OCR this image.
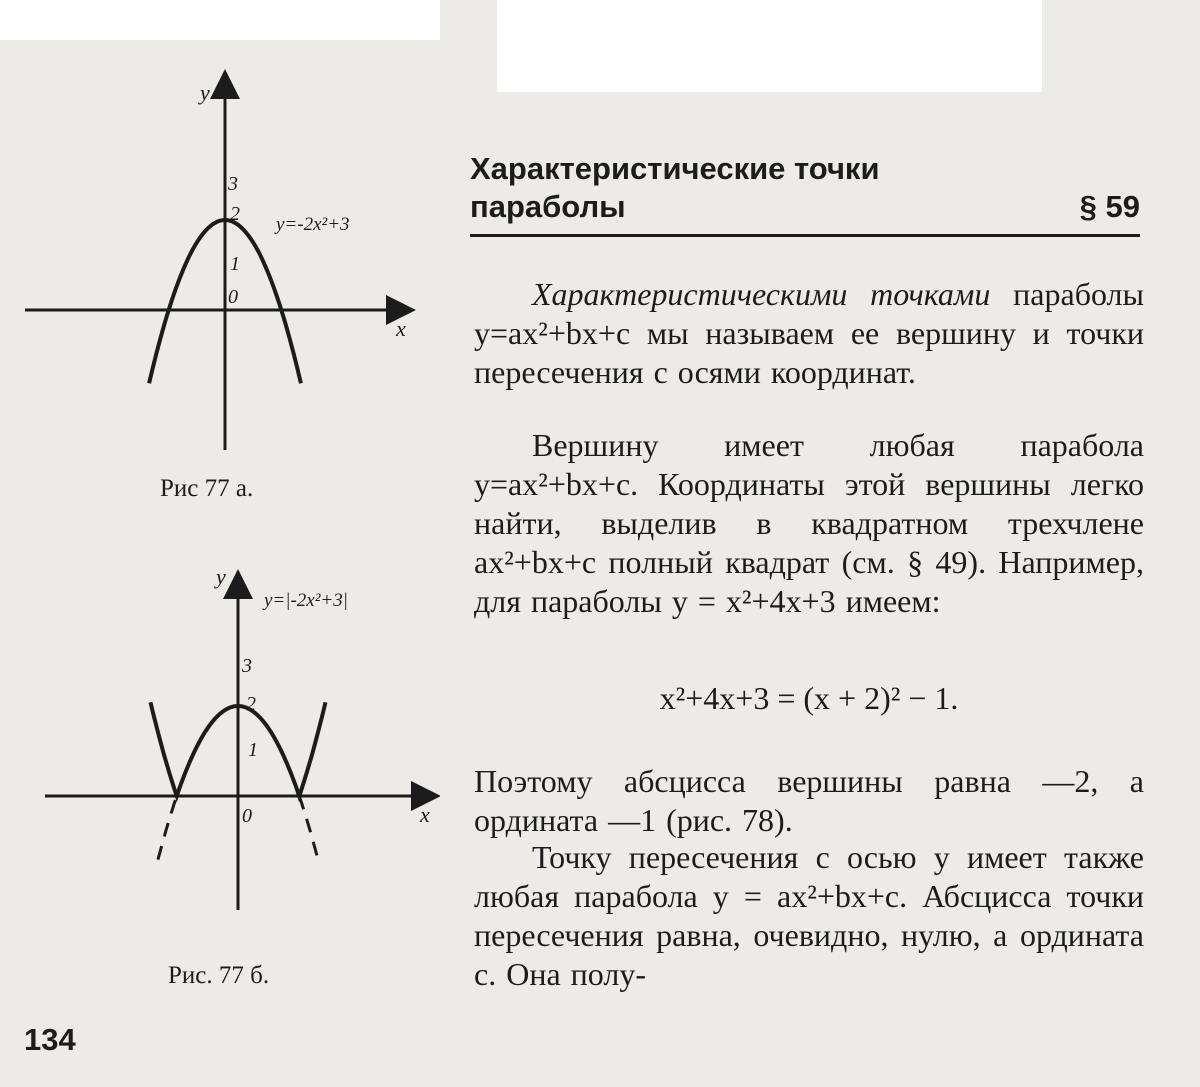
y
x
0
1
2
3
y=-2x²+3
Рис 77 а.
y
x
0
1
2
3
y=|-2x²+3|
Рис. 77 б.
Характеристические точки
параболы	§ 59
Характеристическими точками параболы y=ax²+bx+c мы называем ее вершину и точки пересечения с осями координат.
Вершину имеет любая парабола y=ax²+bx+c. Координаты этой вершины легко найти, выделив в квадратном трехчлене ax²+bx+c полный квадрат (см. § 49). Например, для параболы y = x²+4x+3 имеем:
x²+4x+3 = (x + 2)² − 1.
Поэтому абсцисса вершины равна —2, а ордината —1 (рис. 78).
Точку пересечения с осью y имеет также любая парабола y = ax²+bx+c. Абсцисса точки пересечения равна, очевидно, нулю, а ордината c. Она полу-
134
